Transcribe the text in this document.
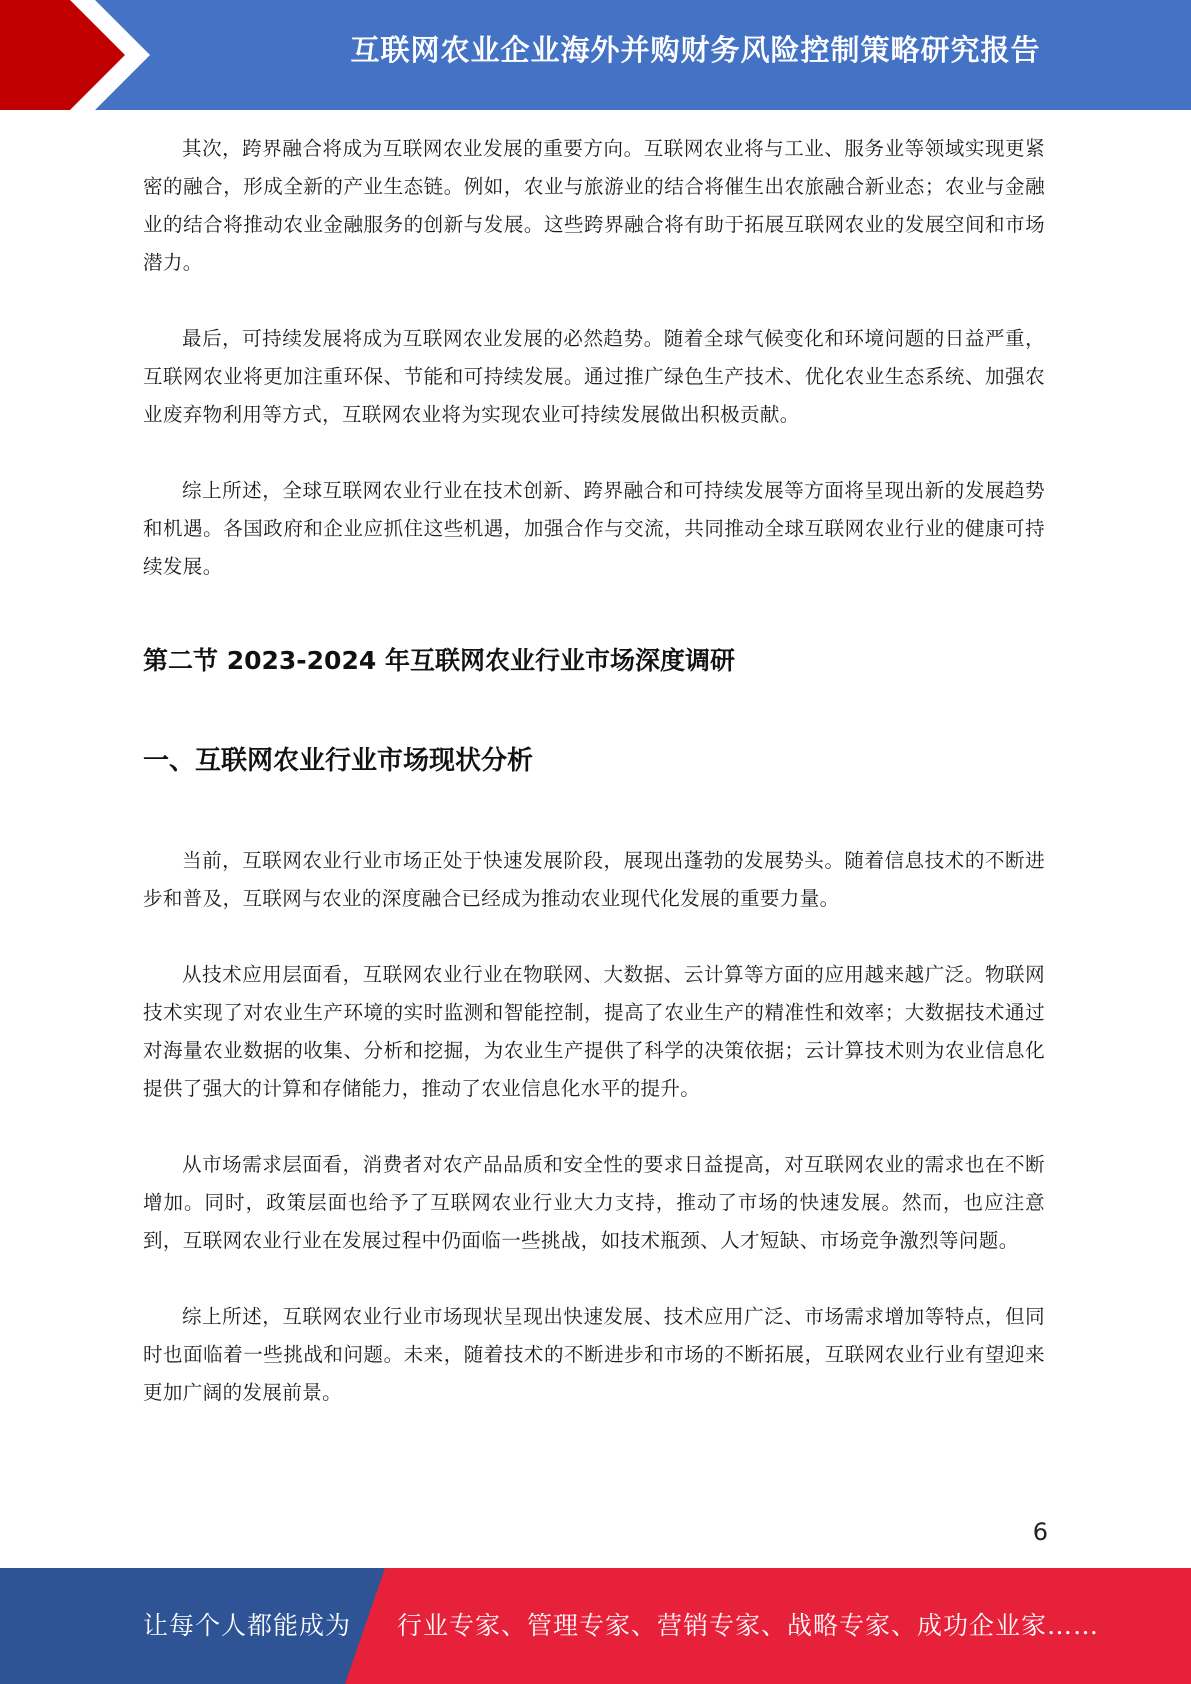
互联网农业企业海外并购财务风险控制策略研究报告

其次，跨界融合将成为互联网农业发展的重要方向。互联网农业将与工业、服务业等领域实现更紧密的融合，形成全新的产业生态链。例如，农业与旅游业的结合将催生出农旅融合新业态；农业与金融业的结合将推动农业金融服务的创新与发展。这些跨界融合将有助于拓展互联网农业的发展空间和市场潜力。

最后，可持续发展将成为互联网农业发展的必然趋势。随着全球气候变化和环境问题的日益严重，互联网农业将更加注重环保、节能和可持续发展。通过推广绿色生产技术、优化农业生态系统、加强农业废弃物利用等方式，互联网农业将为实现农业可持续发展做出积极贡献。

综上所述，全球互联网农业行业在技术创新、跨界融合和可持续发展等方面将呈现出新的发展趋势和机遇。各国政府和企业应抓住这些机遇，加强合作与交流，共同推动全球互联网农业行业的健康可持续发展。

第二节 2023-2024 年互联网农业行业市场深度调研
一、互联网农业行业市场现状分析

当前，互联网农业行业市场正处于快速发展阶段，展现出蓬勃的发展势头。随着信息技术的不断进步和普及，互联网与农业的深度融合已经成为推动农业现代化发展的重要力量。

从技术应用层面看，互联网农业行业在物联网、大数据、云计算等方面的应用越来越广泛。物联网技术实现了对农业生产环境的实时监测和智能控制，提高了农业生产的精准性和效率；大数据技术通过对海量农业数据的收集、分析和挖掘，为农业生产提供了科学的决策依据；云计算技术则为农业信息化提供了强大的计算和存储能力，推动了农业信息化水平的提升。

从市场需求层面看，消费者对农产品品质和安全性的要求日益提高，对互联网农业的需求也在不断增加。同时，政策层面也给予了互联网农业行业大力支持，推动了市场的快速发展。然而，也应注意到，互联网农业行业在发展过程中仍面临一些挑战，如技术瓶颈、人才短缺、市场竞争激烈等问题。

综上所述，互联网农业行业市场现状呈现出快速发展、技术应用广泛、市场需求增加等特点，但同时也面临着一些挑战和问题。未来，随着技术的不断进步和市场的不断拓展，互联网农业行业有望迎来更加广阔的发展前景。

6
让每个人都能成为 行业专家、管理专家、营销专家、战略专家、成功企业家……
